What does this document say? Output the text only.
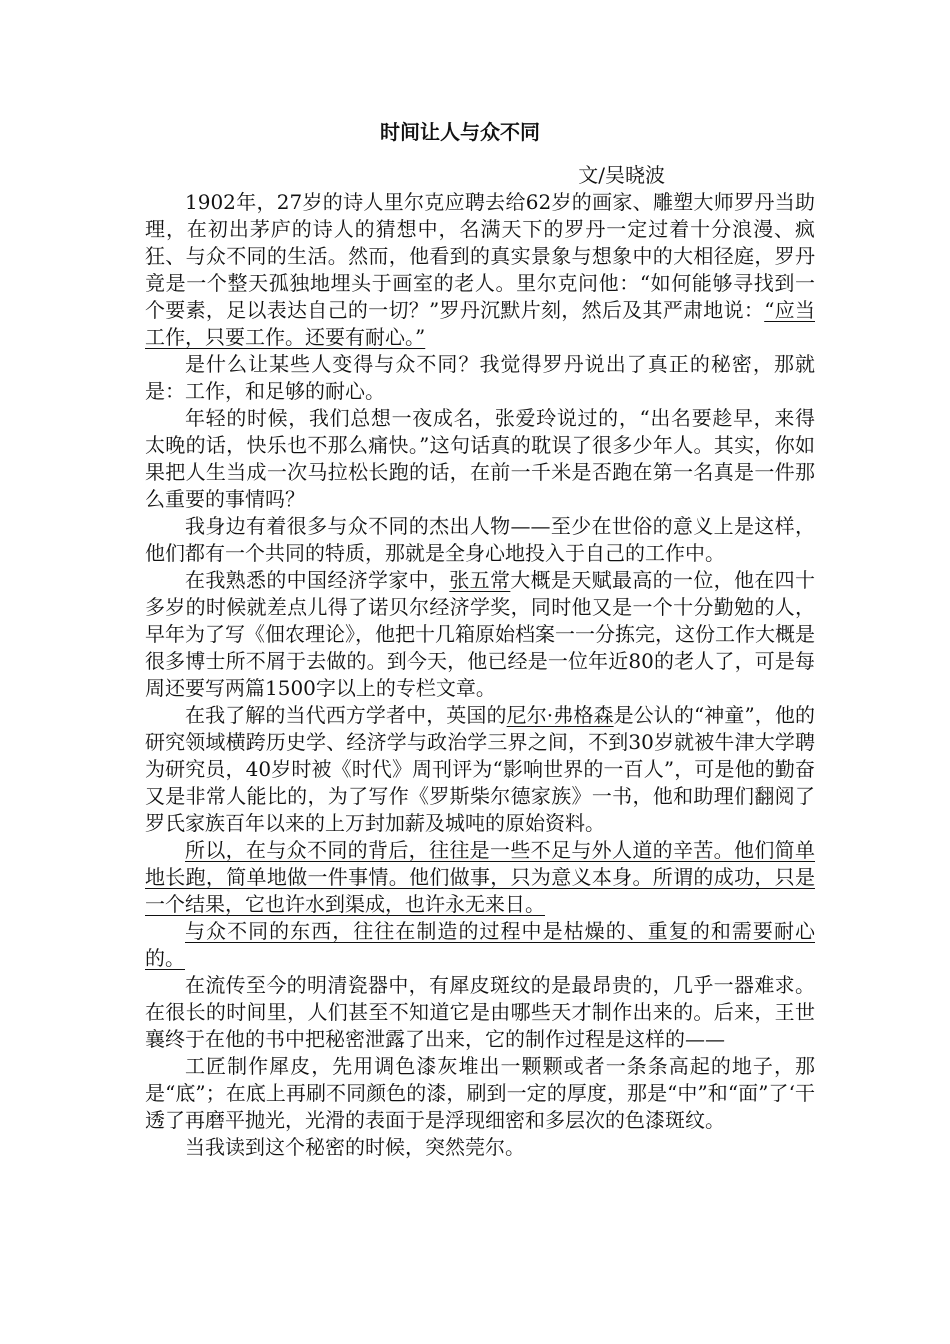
时间让人与众不同
文/吴晓波

1902年，27岁的诗人里尔克应聘去给62岁的画家、雕塑大师罗丹当助理，在初出茅庐的诗人的猜想中，名满天下的罗丹一定过着十分浪漫、疯狂、与众不同的生活。然而，他看到的真实景象与想象中的大相径庭，罗丹竟是一个整天孤独地埋头于画室的老人。里尔克问他：“如何能够寻找到一个要素，足以表达自己的一切？”罗丹沉默片刻，然后及其严肃地说：“应当工作，只要工作。还要有耐心。”

是什么让某些人变得与众不同？我觉得罗丹说出了真正的秘密，那就是：工作，和足够的耐心。

年轻的时候，我们总想一夜成名，张爱玲说过的，“出名要趁早，来得太晚的话，快乐也不那么痛快。”这句话真的耽误了很多少年人。其实，你如果把人生当成一次马拉松长跑的话，在前一千米是否跑在第一名真是一件那么重要的事情吗？

我身边有着很多与众不同的杰出人物——至少在世俗的意义上是这样，他们都有一个共同的特质，那就是全身心地投入于自己的工作中。

在我熟悉的中国经济学家中，张五常大概是天赋最高的一位，他在四十多岁的时候就差点儿得了诺贝尔经济学奖，同时他又是一个十分勤勉的人，早年为了写《佃农理论》，他把十几箱原始档案一一分拣完，这份工作大概是很多博士所不屑于去做的。到今天，他已经是一位年近80的老人了，可是每周还要写两篇1500字以上的专栏文章。

在我了解的当代西方学者中，英国的尼尔·弗格森是公认的“神童”，他的研究领域横跨历史学、经济学与政治学三界之间，不到30岁就被牛津大学聘为研究员，40岁时被《时代》周刊评为“影响世界的一百人”，可是他的勤奋又是非常人能比的，为了写作《罗斯柴尔德家族》一书，他和助理们翻阅了罗氏家族百年以来的上万封加薪及城吨的原始资料。

所以，在与众不同的背后，往往是一些不足与外人道的辛苦。他们简单地长跑，简单地做一件事情。他们做事，只为意义本身。所谓的成功，只是一个结果，它也许水到渠成，也许永无来日。

与众不同的东西，往往在制造的过程中是枯燥的、重复的和需要耐心的。

在流传至今的明清瓷器中，有犀皮斑纹的是最昂贵的，几乎一器难求。在很长的时间里，人们甚至不知道它是由哪些天才制作出来的。后来，王世襄终于在他的书中把秘密泄露了出来，它的制作过程是这样的——

工匠制作犀皮，先用调色漆灰堆出一颗颗或者一条条高起的地子，那是“底”；在底上再刷不同颜色的漆，刷到一定的厚度，那是“中”和“面”了‘干透了再磨平抛光，光滑的表面于是浮现细密和多层次的色漆斑纹。

当我读到这个秘密的时候，突然莞尔。
